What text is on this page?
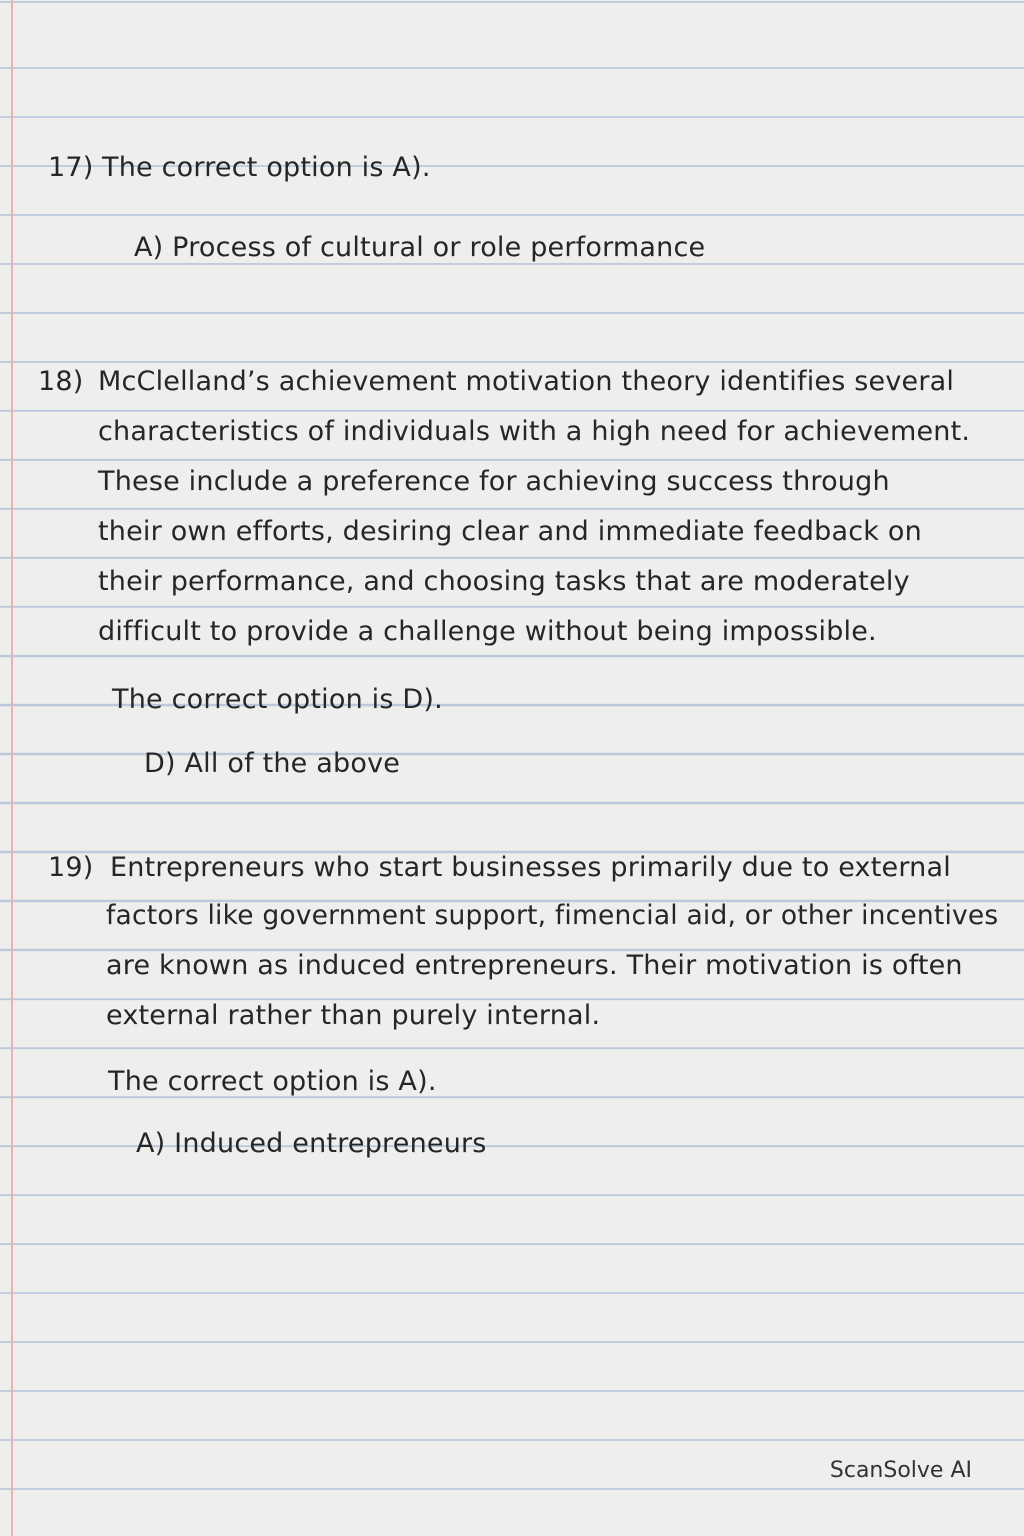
17) The correct option is A).

A) Process of cultural or role performance

18) McClelland’s achievement motivation theory identifies several

characteristics of individuals with a high need for achievement.

These include a preference for achieving success through

their own efforts, desiring clear and immediate feedback on

their performance, and choosing tasks that are moderately

difficult to provide a challenge without being impossible.

The correct option is D).

D) All of the above

19) Entrepreneurs who start businesses primarily due to external

factors like government support, fimencial aid, or other incentives

are known as induced entrepreneurs. Their motivation is often

external rather than purely internal.

The correct option is A).

A) Induced entrepreneurs

ScanSolve AI
